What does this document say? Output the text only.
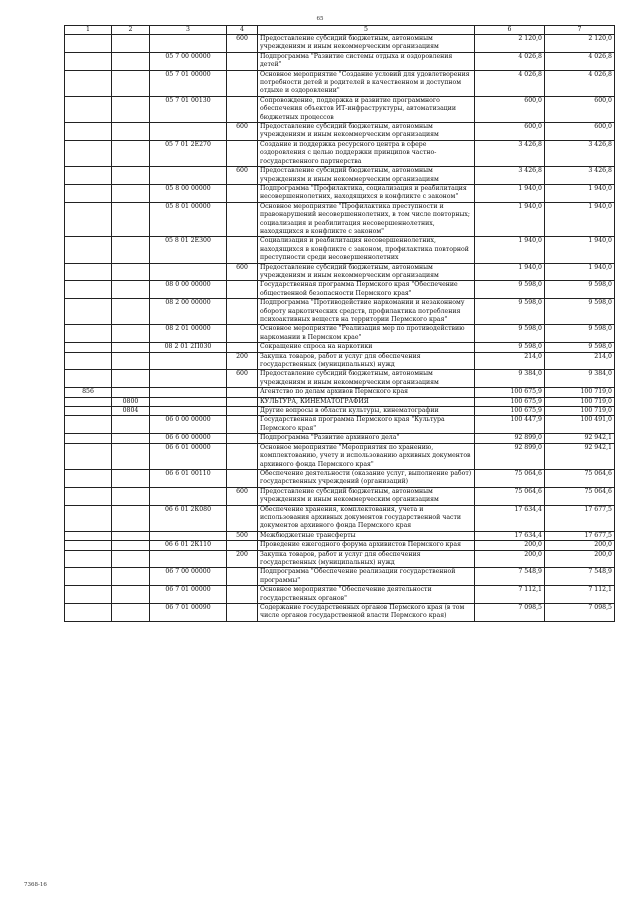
65
1	2	3	4	5	6	7
			600	Предоставление субсидий бюджетным, автономным учреждениям и иным некоммерческим организациям	2 120,0	2 120,0
		05 7 00 00000		Подпрограмма "Развитие системы отдыха и оздоровления детей"	4 026,8	4 026,8
		05 7 01 00000		Основное мероприятие "Создание условий для удовлетворения потребности детей и родителей в качественном и доступном отдыхе и оздоровлении"	4 026,8	4 026,8
		05 7 01 00130		Сопровождение, поддержка и развитие программного обеспечения объектов ИТ-инфраструктуры, автоматизации бюджетных процессов	600,0	600,0
			600	Предоставление субсидий бюджетным, автономным учреждениям и иным некоммерческим организациям	600,0	600,0
		05 7 01 2Е270		Создание и поддержка ресурсного центра в сфере оздоровления с целью поддержки принципов частно-государственного партнерства	3 426,8	3 426,8
			600	Предоставление субсидий бюджетным, автономным учреждениям и иным некоммерческим организациям	3 426,8	3 426,8
		05 8 00 00000		Подпрограмма "Профилактика, социализация и реабилитация несовершеннолетних, находящихся в конфликте с законом"	1 940,0	1 940,0
		05 8 01 00000		Основное мероприятие "Профилактика преступности и правонарушений несовершеннолетних, в том числе повторных; социализация и реабилитация несовершеннолетних, находящихся в конфликте с законом"	1 940,0	1 940,0
		05 8 01 2Е300		Социализация и реабилитация несовершеннолетних, находящихся в конфликте с законом, профилактика повторной преступности среди несовершеннолетних	1 940,0	1 940,0
			600	Предоставление субсидий бюджетным, автономным учреждениям и иным некоммерческим организациям	1 940,0	1 940,0
		08 0 00 00000		Государственная программа Пермского края "Обеспечение общественной безопасности Пермского края"	9 598,0	9 598,0
		08 2 00 00000		Подпрограмма "Противодействие наркомании и незаконному обороту наркотических средств, профилактика потребления психоактивных веществ на территории Пермского края"	9 598,0	9 598,0
		08 2 01 00000		Основное мероприятие "Реализация мер по противодействию наркомании в Пермском крае"	9 598,0	9 598,0
		08 2 01 2П030		Сокращение спроса на наркотики	9 598,0	9 598,0
			200	Закупка товаров, работ и услуг для обеспечения государственных (муниципальных) нужд	214,0	214,0
			600	Предоставление субсидий бюджетным, автономным учреждениям и иным некоммерческим организациям	9 384,0	9 384,0
856				Агентство по делам архивов Пермского края	100 675,9	100 719,0
	0800			КУЛЬТУРА, КИНЕМАТОГРАФИЯ	100 675,9	100 719,0
	0804			Другие вопросы в области культуры, кинематографии	100 675,9	100 719,0
		06 0 00 00000		Государственная программа Пермского края "Культура Пермского края"	100 447,9	100 491,0
		06 6 00 00000		Подпрограмма "Развитие архивного дела"	92 899,0	92 942,1
		06 6 01 00000		Основное мероприятие "Мероприятия по хранению, комплектованию, учету и использованию архивных документов архивного фонда Пермского края"	92 899,0	92 942,1
		06 6 01 00110		Обеспечение деятельности (оказание услуг, выполнение работ) государственных учреждений (организаций)	75 064,6	75 064,6
			600	Предоставление субсидий бюджетным, автономным учреждениям и иным некоммерческим организациям	75 064,6	75 064,6
		06 6 01 2К080		Обеспечение хранения, комплектования, учета и использования архивных документов государственной части документов архивного фонда Пермского края	17 634,4	17 677,5
			500	Межбюджетные трансферты	17 634,4	17 677,5
		06 6 01 2К110		Проведение ежегодного форума архивистов Пермского края	200,0	200,0
			200	Закупка товаров, работ и услуг для обеспечения государственных (муниципальных) нужд	200,0	200,0
		06 7 00 00000		Подпрограмма "Обеспечение реализации государственной программы"	7 548,9	7 548,9
		06 7 01 00000		Основное мероприятие "Обеспечение деятельности государственных органов"	7 112,1	7 112,1
		06 7 01 00090		Содержание государственных органов Пермского края (в том числе органов государственной власти Пермского края)	7 098,5	7 098,5
7368-16
